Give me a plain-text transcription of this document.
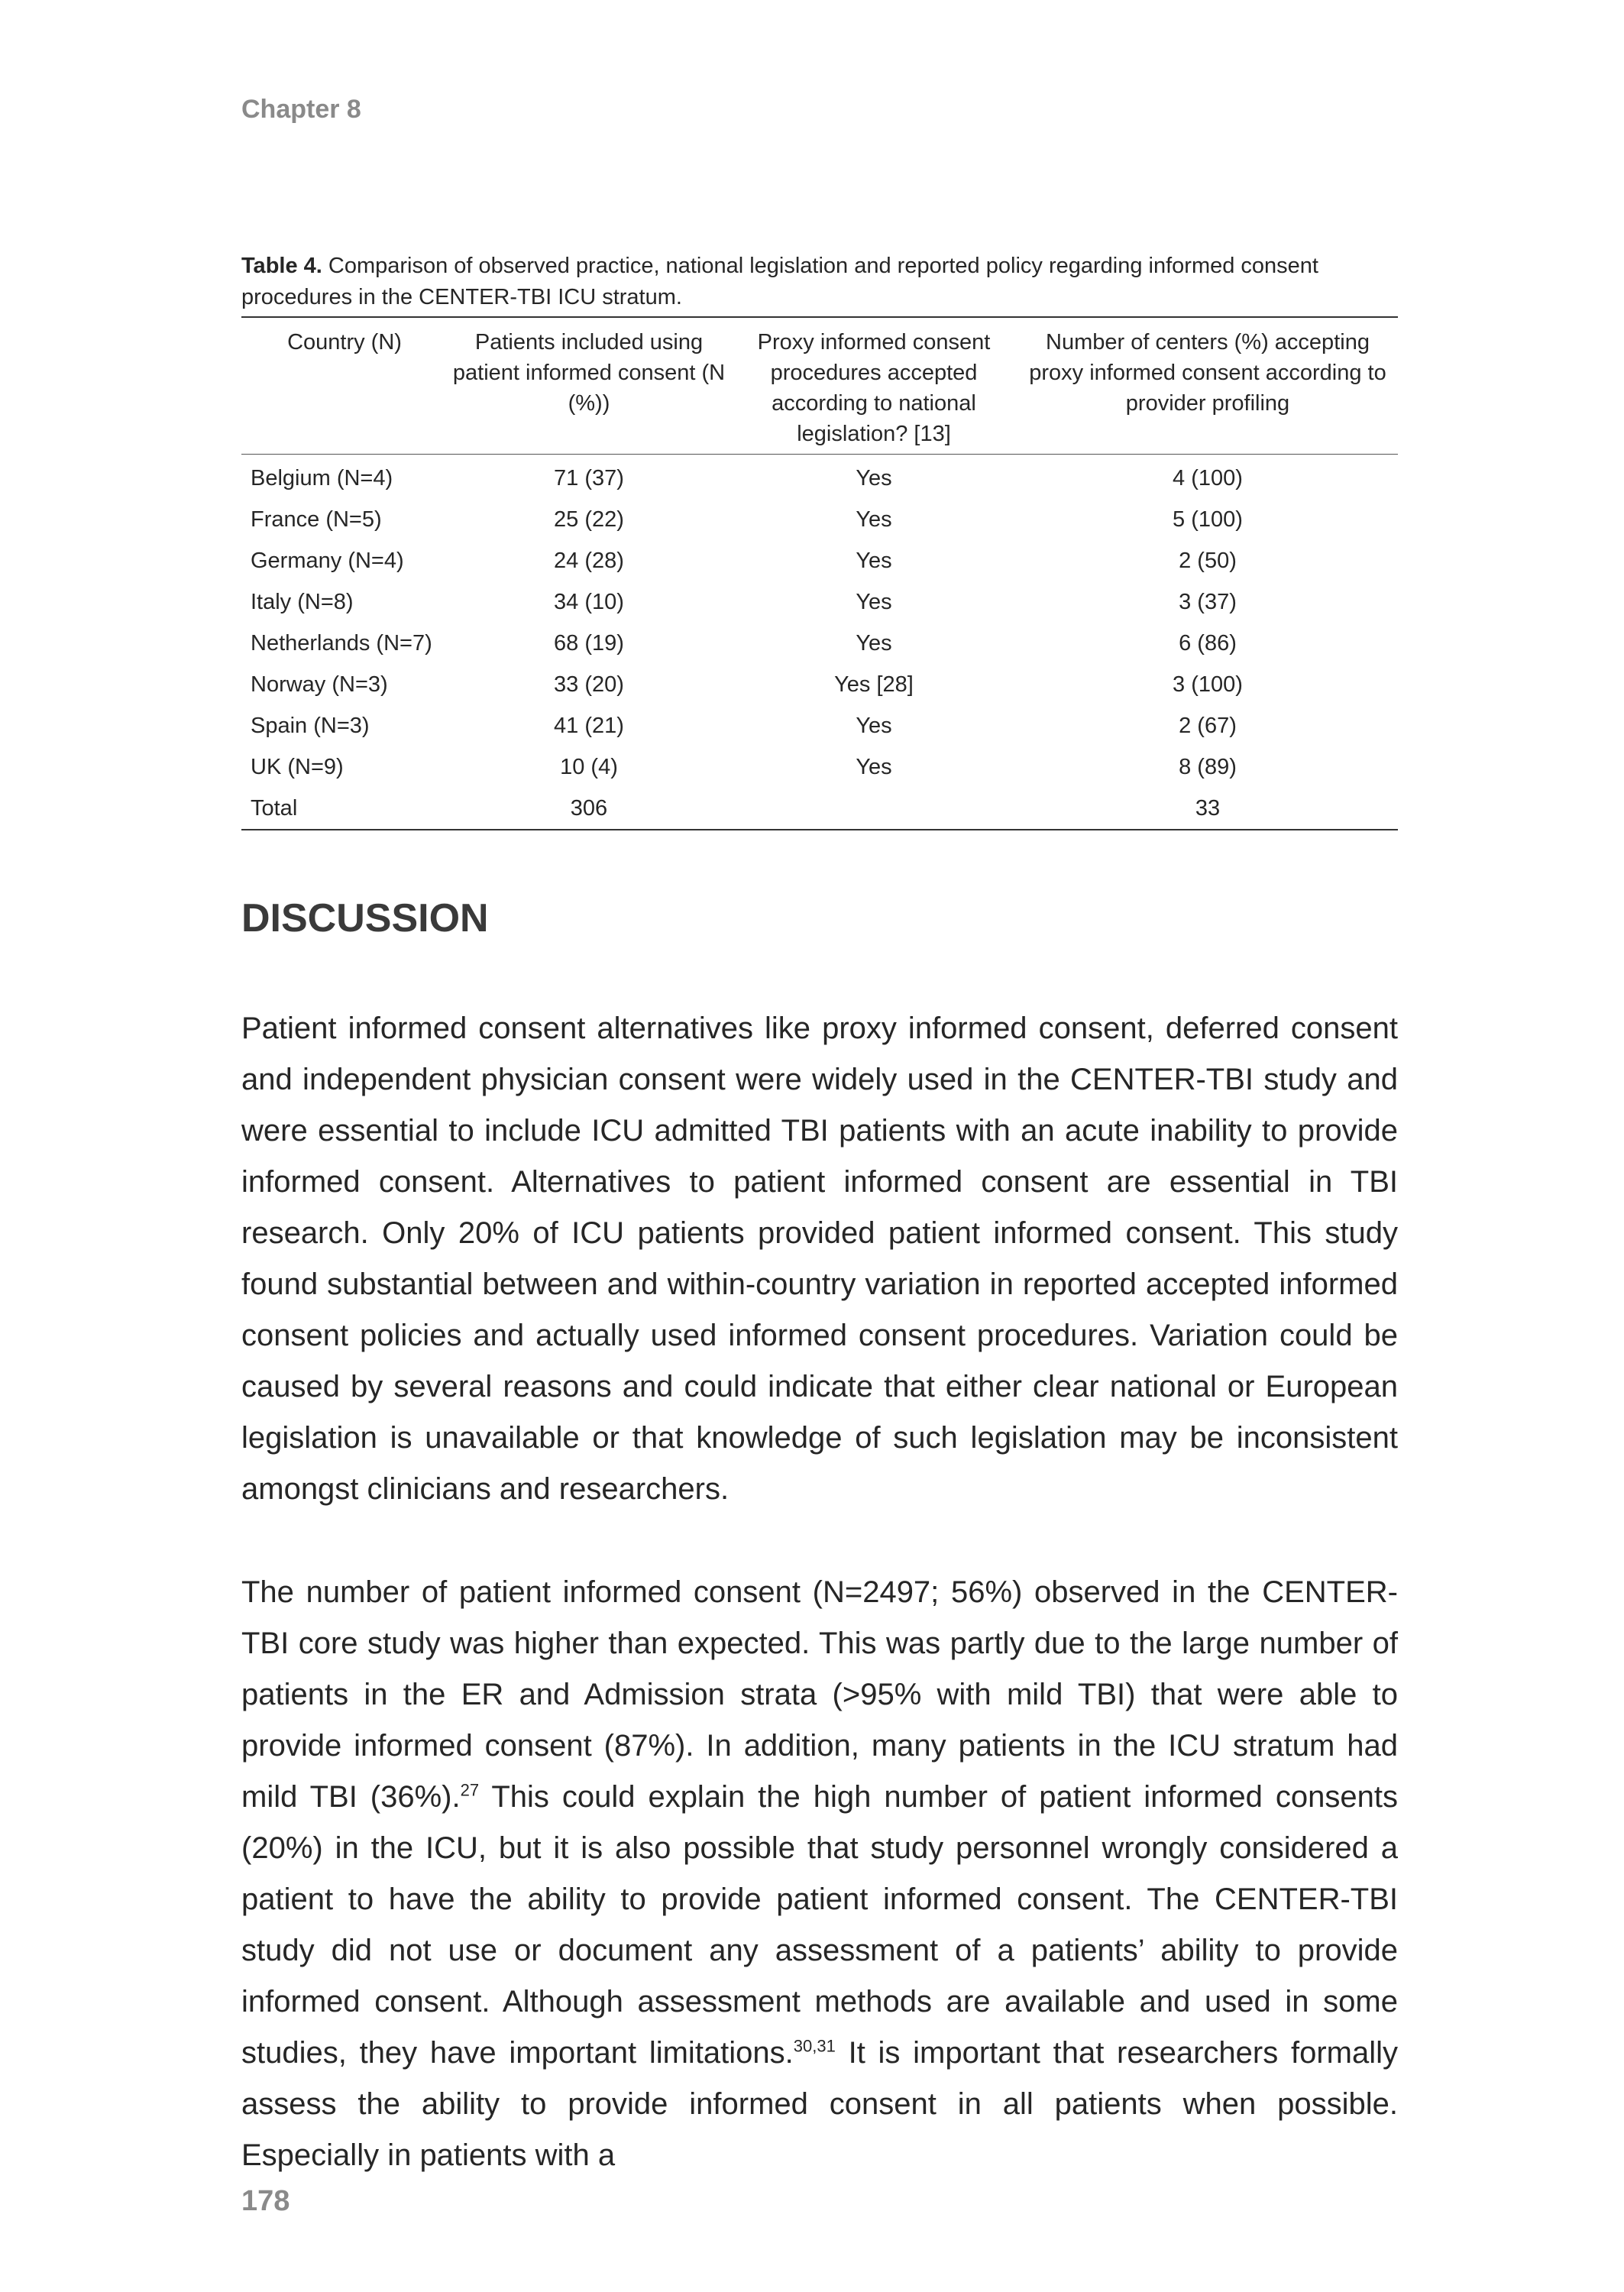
Chapter 8

Table 4. Comparison of observed practice, national legislation and reported policy regarding informed consent procedures in the CENTER-TBI ICU stratum.

Country (N)	Patients included using patient informed consent (N (%))	Proxy informed consent procedures accepted according to national legislation? [13]	Number of centers (%) accepting proxy informed consent according to provider profiling
Belgium (N=4)	71 (37)	Yes	4 (100)
France (N=5)	25 (22)	Yes	5 (100)
Germany (N=4)	24 (28)	Yes	2 (50)
Italy (N=8)	34 (10)	Yes	3 (37)
Netherlands (N=7)	68 (19)	Yes	6 (86)
Norway (N=3)	33 (20)	Yes [28]	3 (100)
Spain (N=3)	41 (21)	Yes	2 (67)
UK (N=9)	10 (4)	Yes	8 (89)
Total	306		33
DISCUSSION

Patient informed consent alternatives like proxy informed consent, deferred consent and independent physician consent were widely used in the CENTER-TBI study and were essential to include ICU admitted TBI patients with an acute inability to provide informed consent. Alternatives to patient informed consent are essential in TBI research. Only 20% of ICU patients provided patient informed consent. This study found substantial between and within-country variation in reported accepted informed consent policies and actually used informed consent procedures. Variation could be caused by several reasons and could indicate that either clear national or European legislation is unavailable or that knowledge of such legislation may be inconsistent amongst clinicians and researchers.

The number of patient informed consent (N=2497; 56%) observed in the CENTER-TBI core study was higher than expected. This was partly due to the large number of patients in the ER and Admission strata (>95% with mild TBI) that were able to provide informed consent (87%). In addition, many patients in the ICU stratum had mild TBI (36%).$^{27}$ This could explain the high number of patient informed consents (20%) in the ICU, but it is also possible that study personnel wrongly considered a patient to have the ability to provide patient informed consent. The CENTER-TBI study did not use or document any assessment of a patients’ ability to provide informed consent. Although assessment methods are available and used in some studies, they have important limitations.$^{30,31}$ It is important that researchers formally assess the ability to provide informed consent in all patients when possible. Especially in patients with a

178
